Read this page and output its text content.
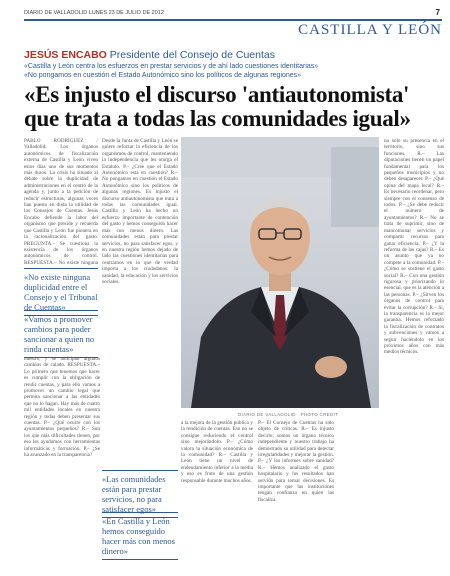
DIARIO DE VALLADOLID LUNES 23 DE JULIO DE 2012	7
CASTILLA Y LEÓN
JESÚS ENCABO Presidente del Consejo de Cuentas
«Castilla y León centra los esfuerzos en prestar servicios y de ahí lado cuestiones identitarias»
«No pongamos en cuestión el Estado Autonómico sino los políticos de algunas regiones»
«Es injusto el discurso 'antiautonomista' que trata a todas las comunidades igual»

PABLO RODRÍGUEZ / Valladolid. Los órganos autonómicos de fiscalización externa de Castilla y León viven estos días uno de sus momentos más duros. La crisis ha situado al debate sobre la duplicidad de administraciones en el centro de la agenda y, junto a la petición de reducir estructuras, algunas voces han puesto en duda la utilidad de los Consejos de Cuentas. Jesús Encabo defiende la labor del organismo que preside y recuerda que Castilla y León fue pionera en la racionalización del gasto. PREGUNTA.– Se cuestiona la existencia de los órganos autonómicos de control. RESPUESTA.– No existe ninguna

«No existe ninguna duplicidad entre el Consejo y el Tribunal de Cuentas»
«Vamos a promover cambios para poder sancionar a quien no rinda cuentas»

nuestro, y se anticipan algunos cambios de calado. RESPUESTA.– Lo primero que tenemos que hacer es cumplir con la obligación de rendir cuentas, y para ello vamos a promover un cambio legal que permita sancionar a las entidades que no lo hagan. Hay más de cuatro mil entidades locales en nuestra región y todas deben presentar sus cuentas. P.– ¿Qué ocurre con los ayuntamientos pequeños? R.– Son los que más dificultades tienen, por eso les ayudamos con herramientas informáticas y formación. P.– ¿Se ha avanzado en la transparencia?

Desde la Junta de Castilla y León se quiere reforzar la eficiencia de los organismos de control, manteniendo la independencia que les otorga el Estatuto. P.– ¿Cree que el Estado Autonómico está en cuestión? R.– No pongamos en cuestión el Estado Autonómico sino los políticos de algunas regiones. Es injusto el discurso antiautonomista que trata a todas las comunidades igual. Castilla y León ha hecho un esfuerzo importante de contención del gasto y hemos conseguido hacer más con menos dinero. Las comunidades están para prestar servicios, no para satisfacer egos, y en nuestra región hemos dejado de lado las cuestiones identitarias para centrarnos en lo que de verdad importa a los ciudadanos: la sanidad, la educación y los servicios sociales.

«Las comunidades están para prestar servicios, no para satisfacer egos»
«En Castilla y León hemos conseguido hacer más con menos dinero»
DIARIO DE VALLADOLID · PHOTO CREDIT

a la mejora de la gestión pública y la rendición de cuentas. Eso no se consigue reduciendo el control sino mejorándolo. P.– ¿Cómo valora la situación económica de la comunidad? R.– Castilla y León tiene un nivel de endeudamiento inferior a la media y eso es fruto de una gestión responsable durante muchos años.

P.– El Consejo de Cuentas ha sido objeto de críticas. R.– Es injusto decirlo; somos un órgano técnico independiente y nuestro trabajo ha demostrado su utilidad para detectar irregularidades y mejorar la gestión. P.– ¿Y los informes sobre sanidad? R.– Hemos analizado el gasto hospitalario y los resultados han servido para tomar decisiones. Es importante que las instituciones tengan confianza en quien las fiscaliza.

no solo su presencia en el territorio, sino sus funciones. R.– Las diputaciones tienen un papel fundamental para los pequeños municipios y no deben desaparecer. P.– ¿Qué opina del mapa local? R.– Es necesario reordenar, pero siempre con el consenso de todos. P.– ¿Se debe reducir el número de ayuntamientos? R.– No se trata de suprimir, sino de mancomunar servicios y compartir recursos para ganar eficiencia. P.– ¿Y la reforma de las cajas? R.– Es un asunto que ya no compete a la comunidad. P.– ¿Cómo se sostiene el gasto social? R.– Con una gestión rigurosa y priorizando lo esencial, que es la atención a las personas. P.– ¿Sirven los órganos de control para evitar la corrupción? R.– Sí, la transparencia es la mejor garantía. Hemos reforzado la fiscalización de contratos y subvenciones y vamos a seguir haciéndolo en los próximos años con más medios técnicos.
